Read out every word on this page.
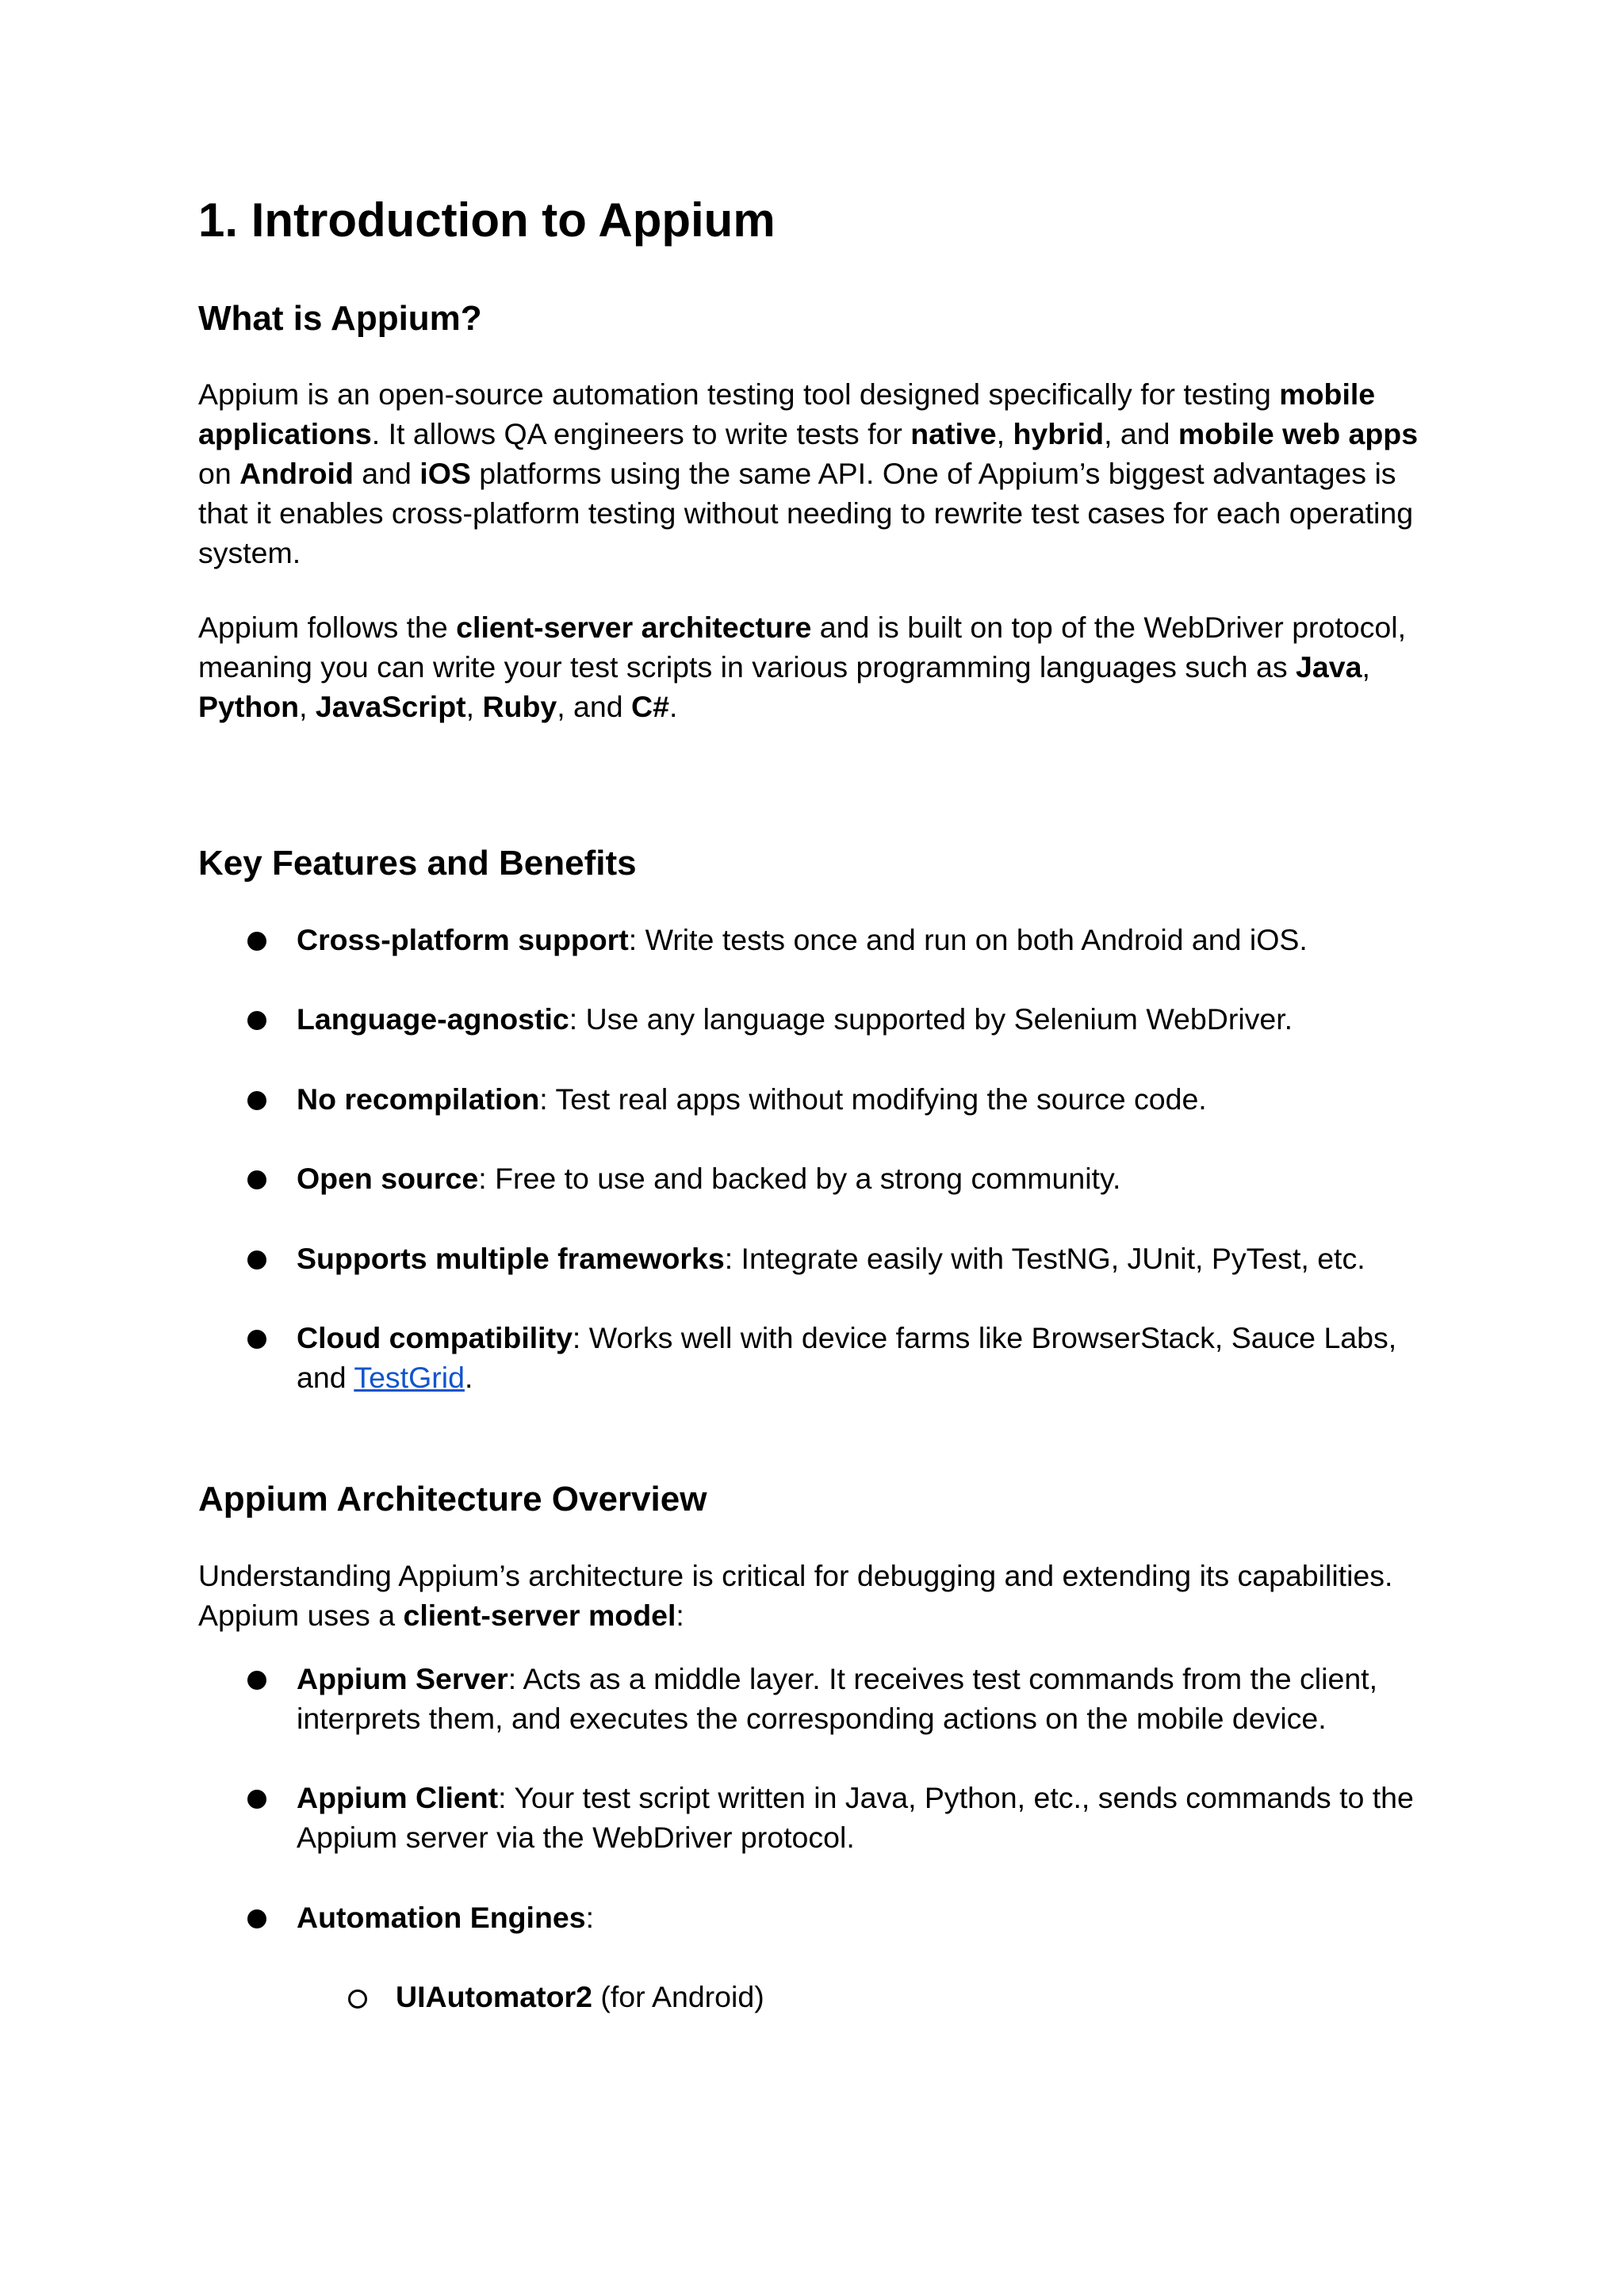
1. Introduction to Appium
What is Appium?

Appium is an open-source automation testing tool designed specifically for testing mobile applications. It allows QA engineers to write tests for native, hybrid, and mobile web apps on Android and iOS platforms using the same API. One of Appium’s biggest advantages is that it enables cross-platform testing without needing to rewrite test cases for each operating system.

Appium follows the client-server architecture and is built on top of the WebDriver protocol, meaning you can write your test scripts in various programming languages such as Java, Python, JavaScript, Ruby, and C#.

Key Features and Benefits

Cross-platform support: Write tests once and run on both Android and iOS.

Language-agnostic: Use any language supported by Selenium WebDriver.

No recompilation: Test real apps without modifying the source code.

Open source: Free to use and backed by a strong community.

Supports multiple frameworks: Integrate easily with TestNG, JUnit, PyTest, etc.

Cloud compatibility: Works well with device farms like BrowserStack, Sauce Labs, and TestGrid.

Appium Architecture Overview

Understanding Appium’s architecture is critical for debugging and extending its capabilities. Appium uses a client-server model:

Appium Server: Acts as a middle layer. It receives test commands from the client, interprets them, and executes the corresponding actions on the mobile device.

Appium Client: Your test script written in Java, Python, etc., sends commands to the Appium server via the WebDriver protocol.

Automation Engines:

UIAutomator2 (for Android)
